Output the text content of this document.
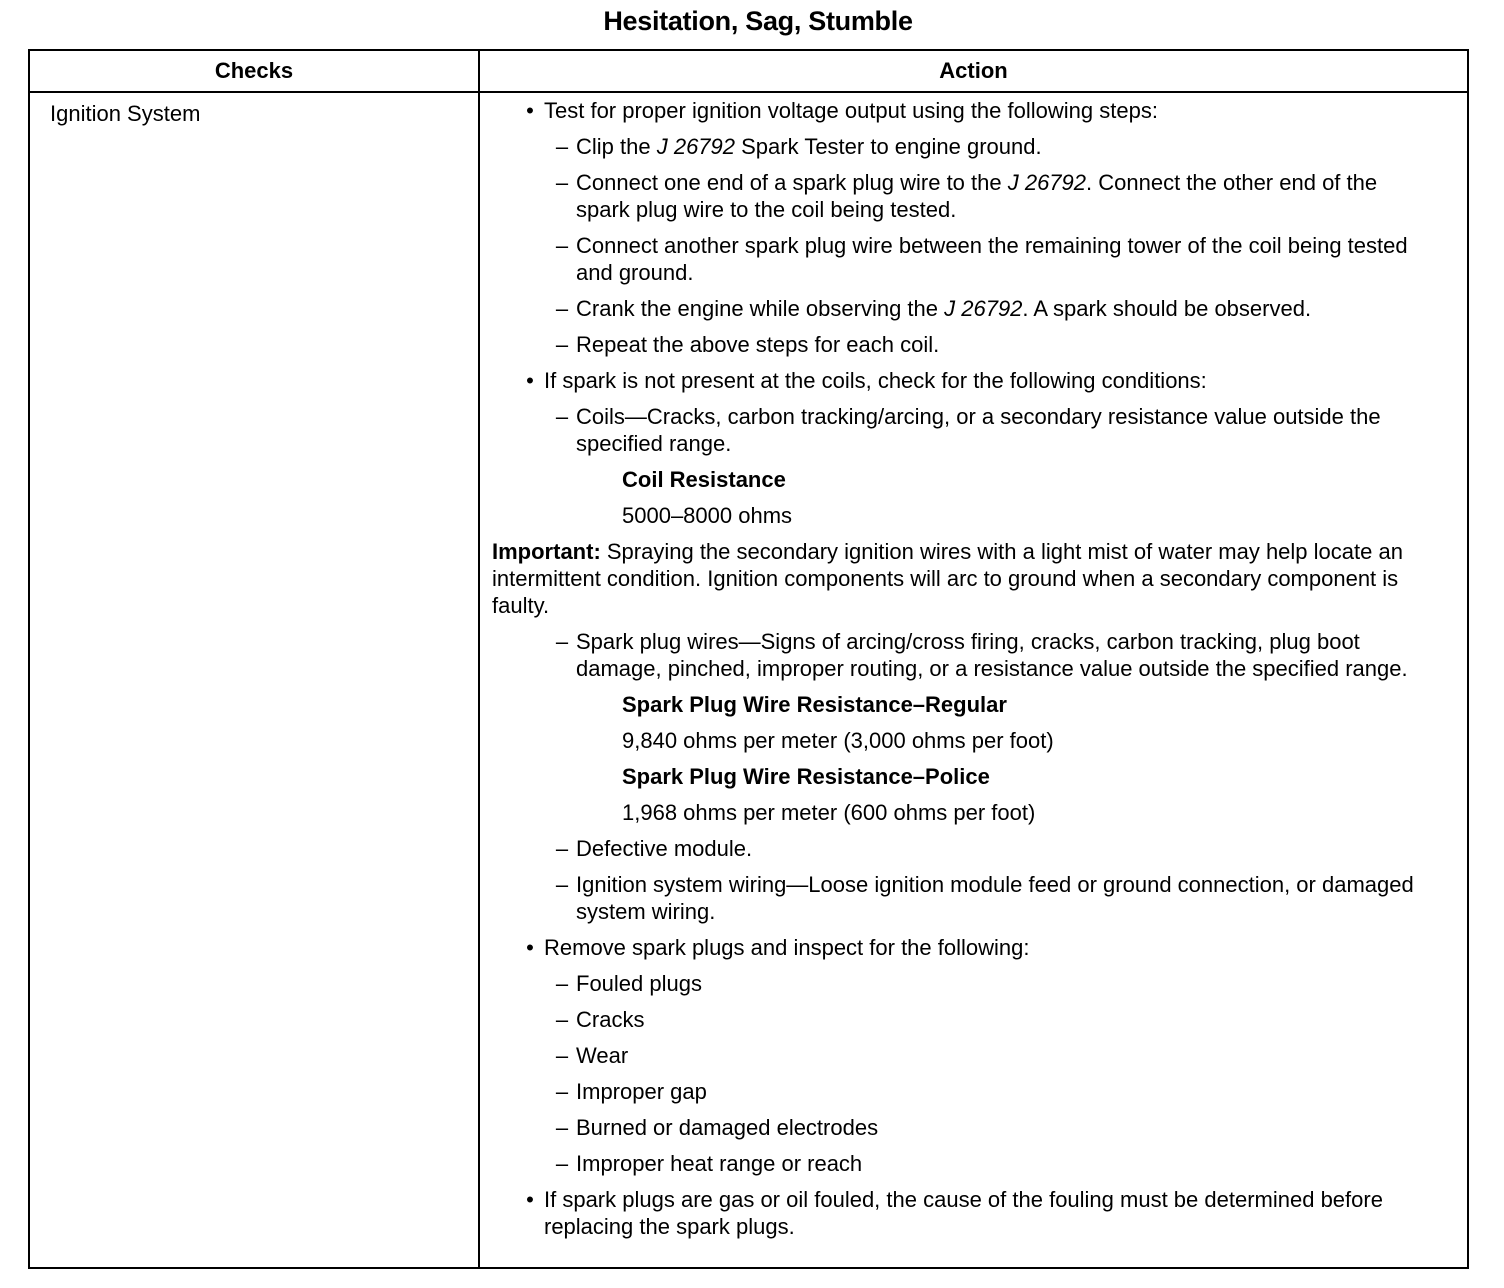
Hesitation, Sag, Stumble
Checks	Action
Ignition System	• Test for proper ignition voltage output using the following steps:
– Clip the J 26792 Spark Tester to engine ground.
– Connect one end of a spark plug wire to the J 26792. Connect the other end of the spark plug wire to the coil being tested.
– Connect another spark plug wire between the remaining tower of the coil being tested and ground.
– Crank the engine while observing the J 26792. A spark should be observed.
– Repeat the above steps for each coil.
• If spark is not present at the coils, check for the following conditions:
– Coils—Cracks, carbon tracking/arcing, or a secondary resistance value outside the specified range.
Coil Resistance
5000–8000 ohms
Important: Spraying the secondary ignition wires with a light mist of water may help locate an intermittent condition. Ignition components will arc to ground when a secondary component is faulty.
– Spark plug wires—Signs of arcing/cross firing, cracks, carbon tracking, plug boot damage, pinched, improper routing, or a resistance value outside the specified range.
Spark Plug Wire Resistance–Regular
9,840 ohms per meter (3,000 ohms per foot)
Spark Plug Wire Resistance–Police
1,968 ohms per meter (600 ohms per foot)
– Defective module.
– Ignition system wiring—Loose ignition module feed or ground connection, or damaged system wiring.
• Remove spark plugs and inspect for the following:
– Fouled plugs
– Cracks
– Wear
– Improper gap
– Burned or damaged electrodes
– Improper heat range or reach
• If spark plugs are gas or oil fouled, the cause of the fouling must be determined before replacing the spark plugs.
